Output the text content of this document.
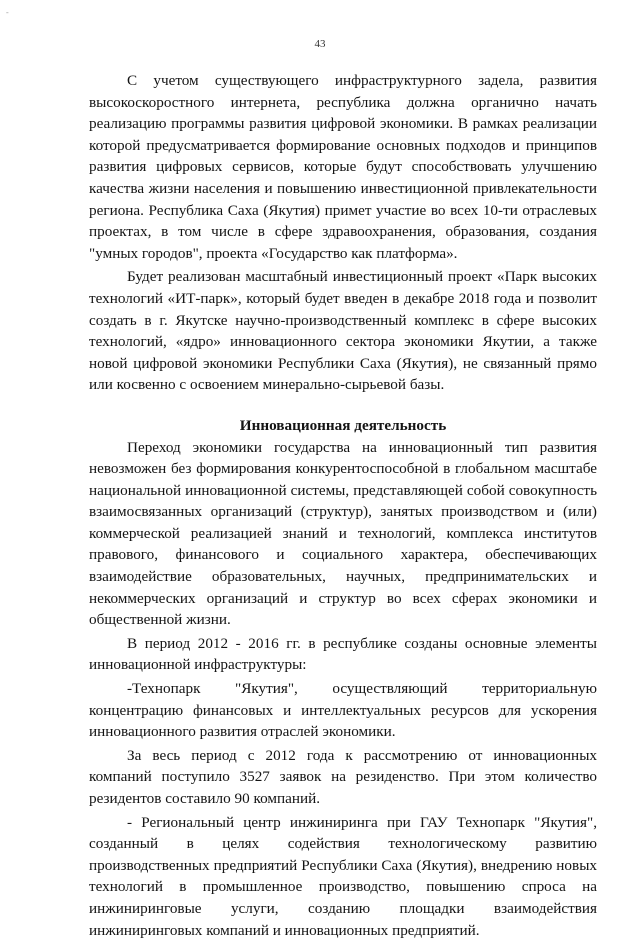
-
43

С учетом существующего инфраструктурного задела, развития высокоскоростного интернета, республика должна органично начать реализацию программы развития цифровой экономики. В рамках реализации которой предусматривается формирование основных подходов и принципов развития цифровых сервисов, которые будут способствовать улучшению качества жизни населения и повышению инвестиционной привлекательности региона. Республика Саха (Якутия) примет участие во всех 10-ти отраслевых проектах, в том числе в сфере здравоохранения, образования, создания "умных городов", проекта «Государство как платформа».

Будет реализован масштабный инвестиционный проект «Парк высоких технологий «ИТ-парк», который будет введен в декабре 2018 года и позволит создать в г. Якутске научно-производственный комплекс в сфере высоких технологий, «ядро» инновационного сектора экономики Якутии, а также новой цифровой экономики Республики Саха (Якутия), не связанный прямо или косвенно с освоением минерально-сырьевой базы.

Инновационная деятельность

Переход экономики государства на инновационный тип развития невозможен без формирования конкурентоспособной в глобальном масштабе национальной инновационной системы, представляющей собой совокупность взаимосвязанных организаций (структур), занятых производством и (или) коммерческой реализацией знаний и технологий, комплекса институтов правового, финансового и социального характера, обеспечивающих взаимодействие образовательных, научных, предпринимательских и некоммерческих организаций и структур во всех сферах экономики и общественной жизни.

В период 2012 - 2016 гг. в республике созданы основные элементы инновационной инфраструктуры:

-Технопарк "Якутия", осуществляющий территориальную концентрацию финансовых и интеллектуальных ресурсов для ускорения инновационного развития отраслей экономики.

За весь период с 2012 года к рассмотрению от инновационных компаний поступило 3527 заявок на резиденство. При этом количество резидентов составило 90 компаний.

- Региональный центр инжиниринга при ГАУ Технопарк "Якутия", созданный в целях содействия технологическому развитию производственных предприятий Республики Саха (Якутия), внедрению новых технологий в промышленное производство, повышению спроса на инжиниринговые услуги, созданию площадки взаимодействия инжиниринговых компаний и инновационных предприятий.
